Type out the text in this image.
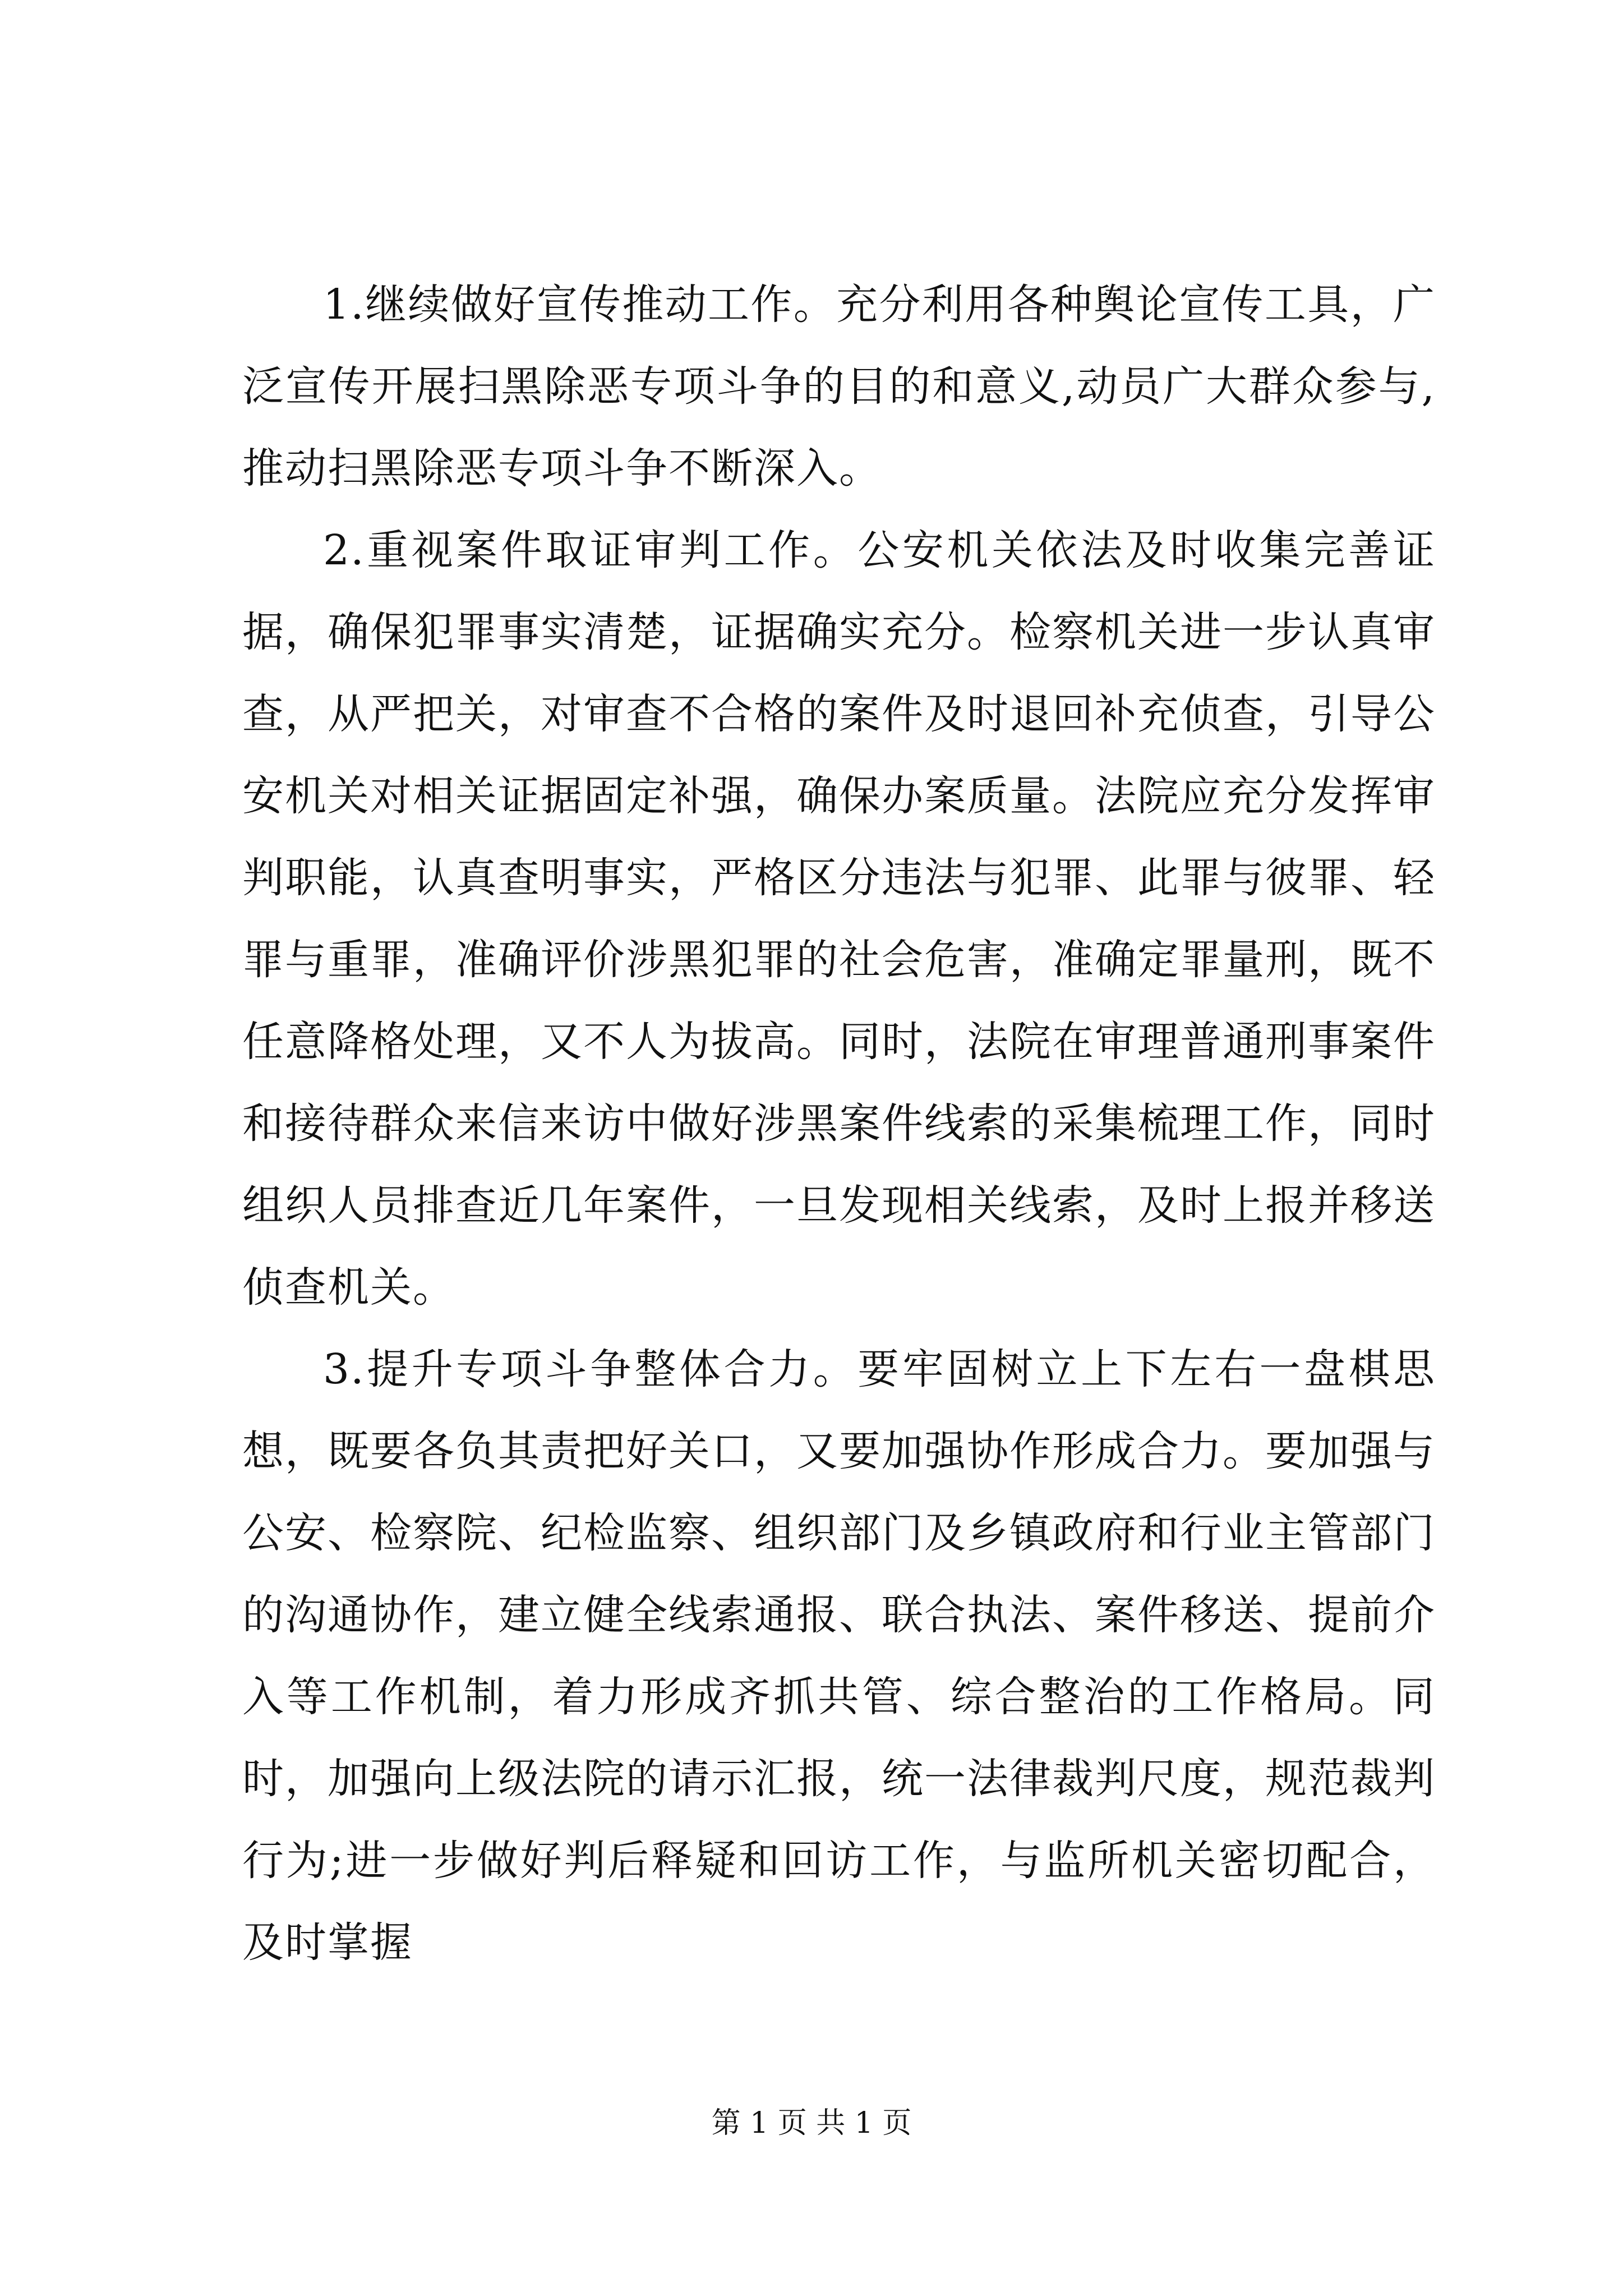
1.继续做好宣传推动工作。充分利用各种舆论宣传工具，广泛宣传开展扫黑除恶专项斗争的目的和意义,动员广大群众参与,推动扫黑除恶专项斗争不断深入。

2.重视案件取证审判工作。公安机关依法及时收集完善证据，确保犯罪事实清楚，证据确实充分。检察机关进一步认真审查，从严把关，对审查不合格的案件及时退回补充侦查，引导公安机关对相关证据固定补强，确保办案质量。法院应充分发挥审判职能，认真查明事实，严格区分违法与犯罪、此罪与彼罪、轻罪与重罪，准确评价涉黑犯罪的社会危害，准确定罪量刑，既不任意降格处理，又不人为拔高。同时，法院在审理普通刑事案件和接待群众来信来访中做好涉黑案件线索的采集梳理工作，同时组织人员排查近几年案件，一旦发现相关线索，及时上报并移送侦查机关。

3.提升专项斗争整体合力。要牢固树立上下左右一盘棋思想，既要各负其责把好关口，又要加强协作形成合力。要加强与公安、检察院、纪检监察、组织部门及乡镇政府和行业主管部门的沟通协作，建立健全线索通报、联合执法、案件移送、提前介入等工作机制，着力形成齐抓共管、综合整治的工作格局。同时，加强向上级法院的请示汇报，统一法律裁判尺度，规范裁判行为;进一步做好判后释疑和回访工作，与监所机关密切配合，及时掌握

第 1 页 共 1 页
